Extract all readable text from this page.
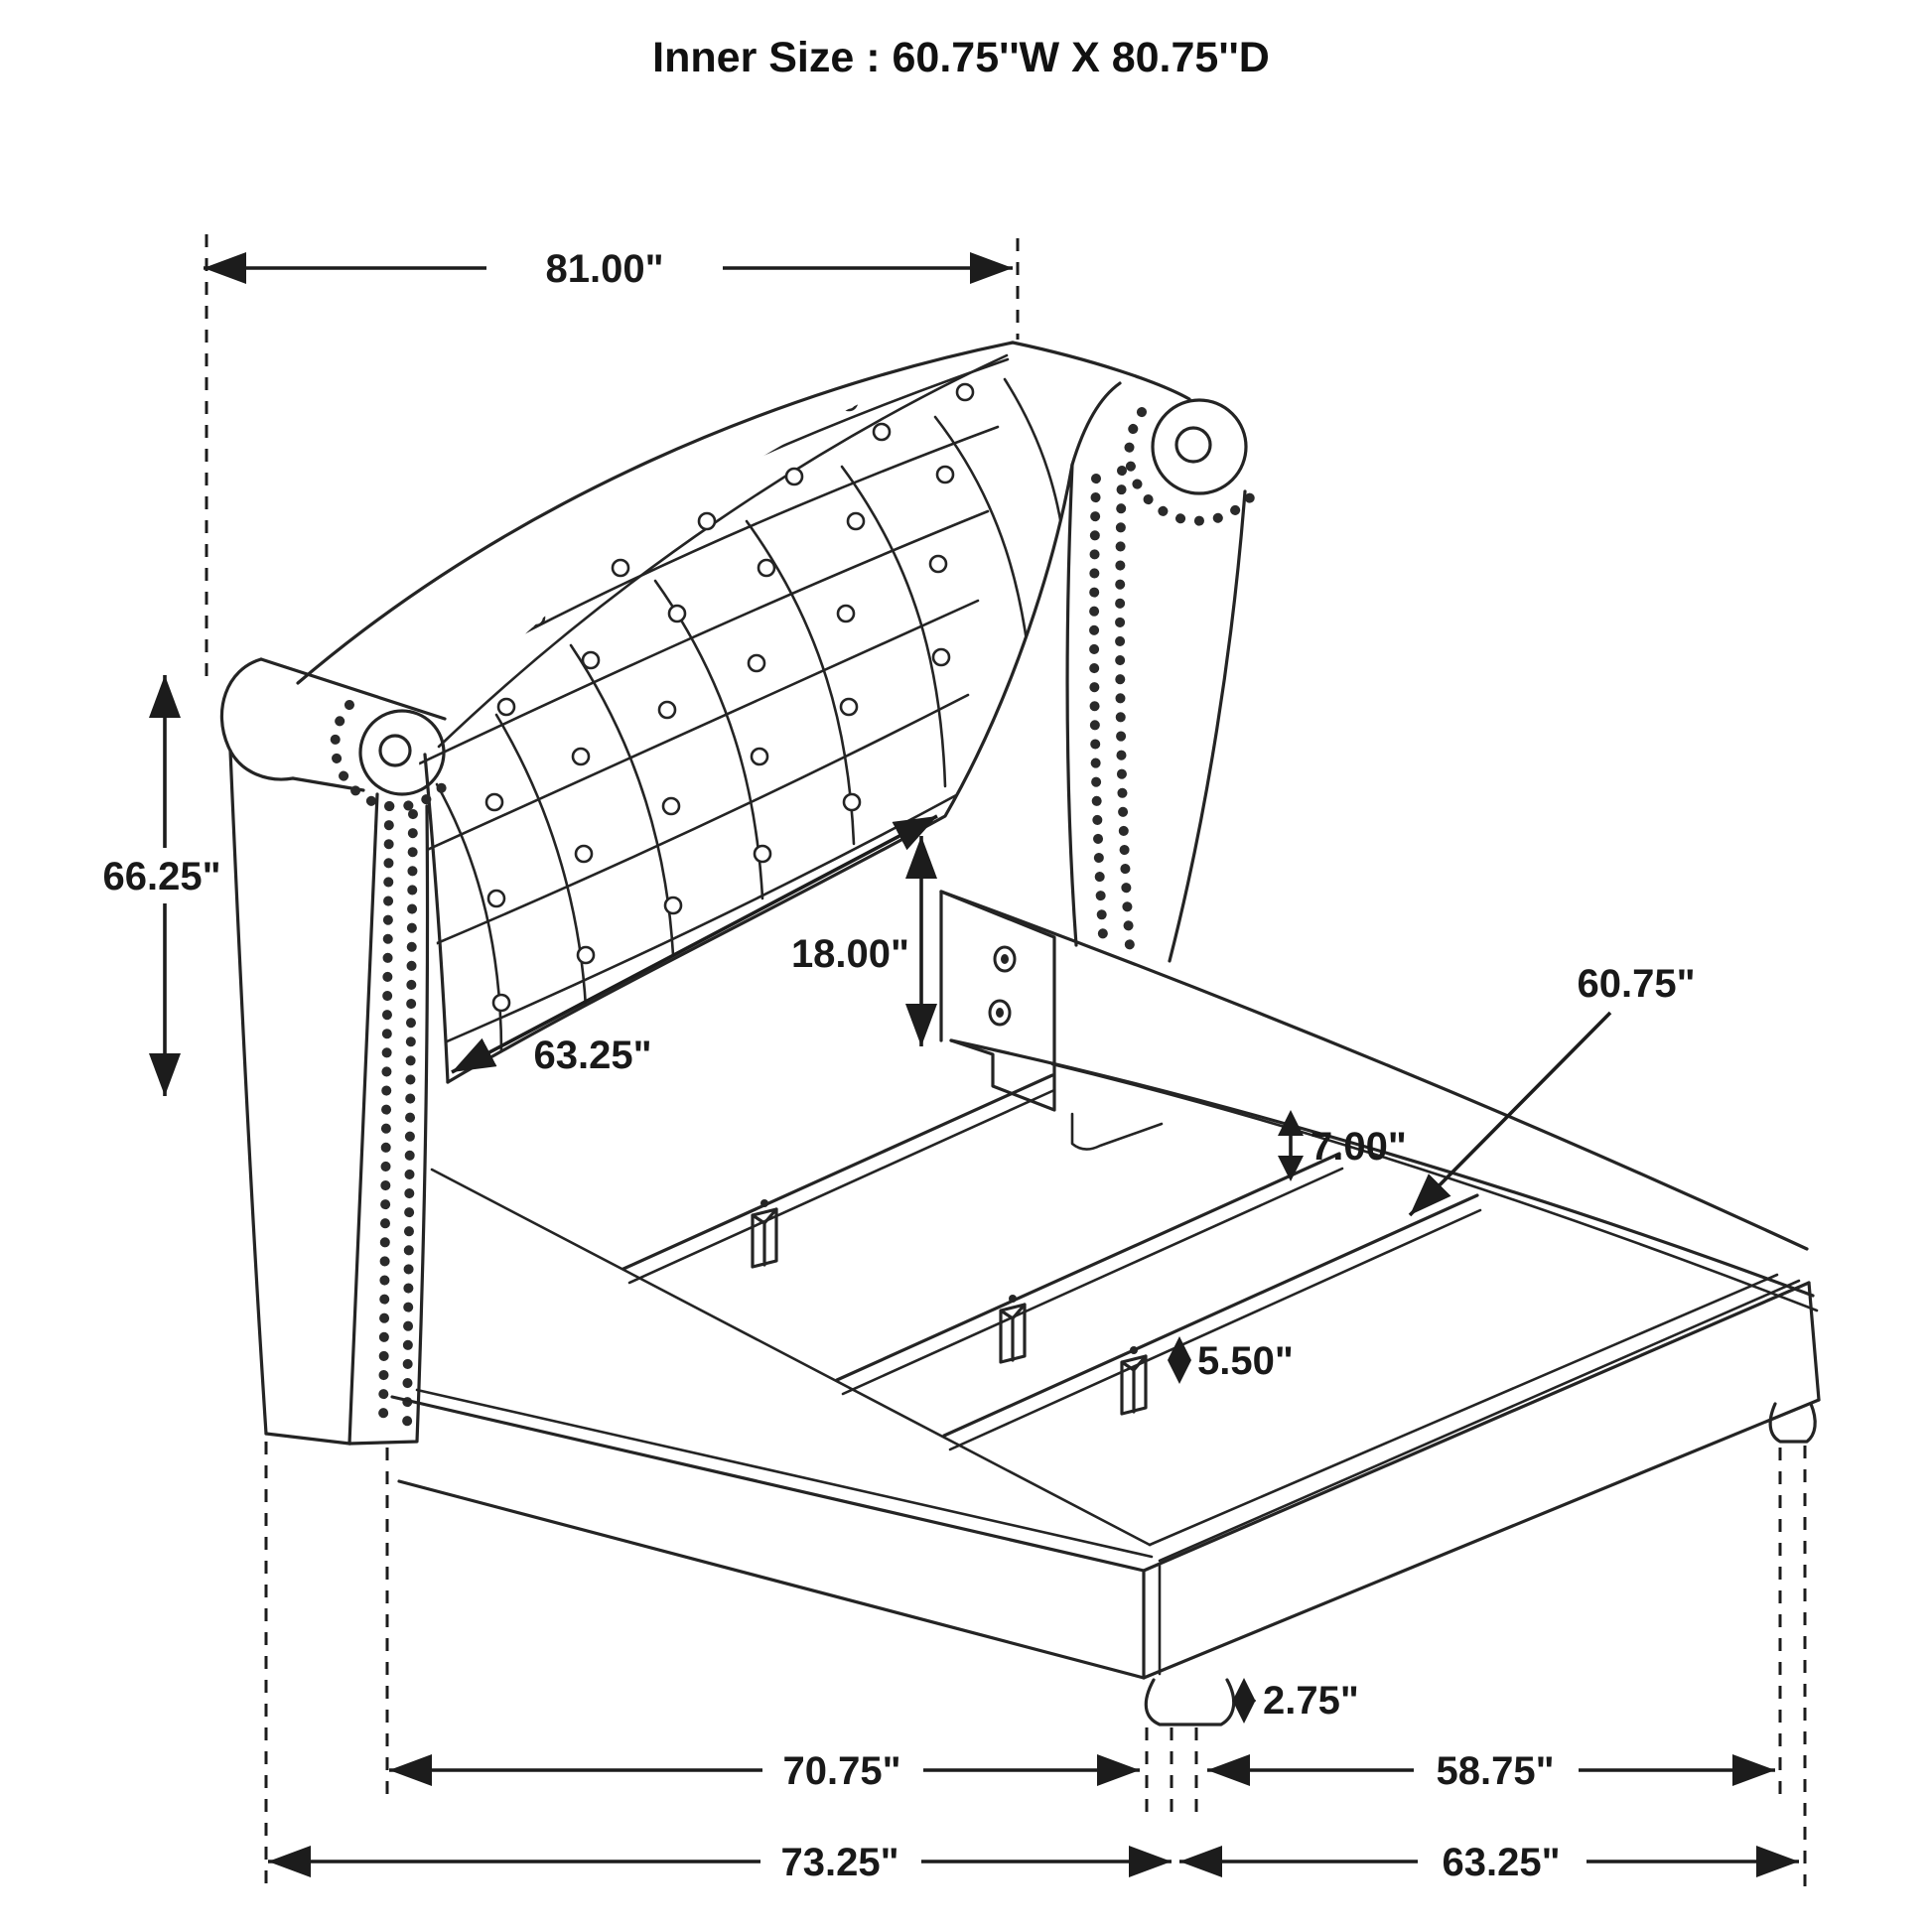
Inner Size : 60.75''W X 80.75''D
81.00"
66.25"
63.25"
18.00"
7.00"
60.75"
5.50"
2.75"
70.75"	58.75"
73.25"	63.25"
